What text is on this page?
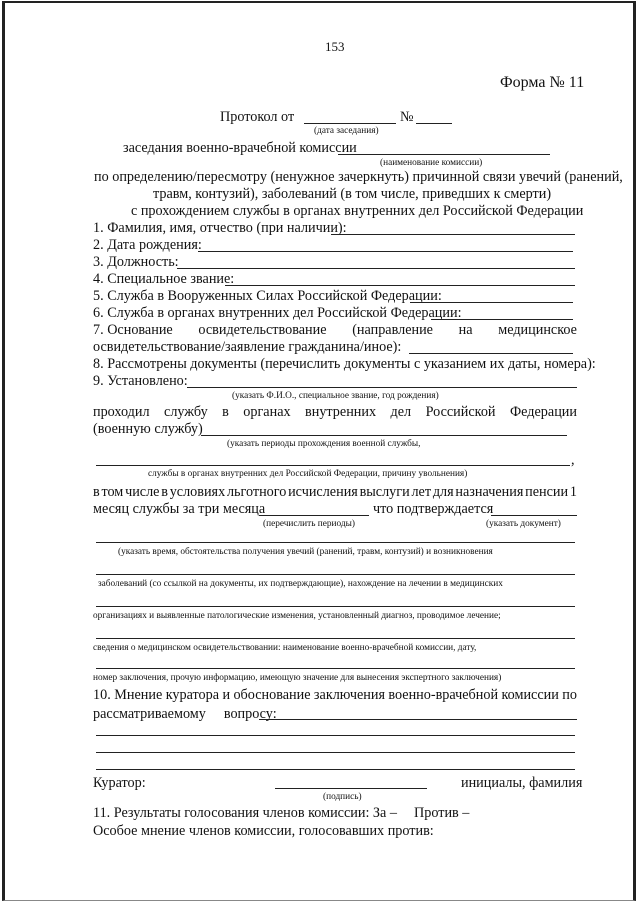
153
Форма № 11
Протокол от	№
(дата заседания)
заседания военно-врачебной комиссии
(наименование комиссии)
по определению/пересмотру (ненужное зачеркнуть) причинной связи увечий (ранений,
травм, контузий), заболеваний (в том числе, приведших к смерти)
с прохождением службы в органах внутренних дел Российской Федерации
1. Фамилия, имя, отчество (при наличии):
2. Дата рождения:
3. Должность:
4. Специальное звание:
5. Служба в Вооруженных Силах Российской Федерации:
6. Служба в органах внутренних дел Российской Федерации:
7. Основание освидетельствование (направление на медицинское
освидетельствование/заявление гражданина/иное):
8. Рассмотрены документы (перечислить документы с указанием их даты, номера):
9. Установлено:
(указать Ф.И.О., специальное звание, год рождения)
проходил службу в органах внутренних дел Российской Федерации
(военную службу)
(указать периоды прохождения военной службы,
,
службы в органах внутренних дел Российской Федерации, причину увольнения)
в том числе в условиях льготного исчисления выслуги лет для назначения пенсии 1
месяц службы за три месяца	что подтверждается
(перечислить периоды)	(указать документ)
(указать время, обстоятельства получения увечий (ранений, травм, контузий) и возникновения
заболеваний (со ссылкой на документы, их подтверждающие), нахождение на лечении в медицинских
организациях и выявленные патологические изменения, установленный диагноз, проводимое лечение;
сведения о медицинском освидетельствовании: наименование военно-врачебной комиссии, дату,
номер заключения, прочую информацию, имеющую значение для вынесения экспертного заключения)
10. Мнение куратора и обоснование заключения военно-врачебной комиссии по
рассматриваемому вопросу:
Куратор:	инициалы, фамилия
(подпись)
11. Результаты голосования членов комиссии: За – Против –
Особое мнение членов комиссии, голосовавших против:
